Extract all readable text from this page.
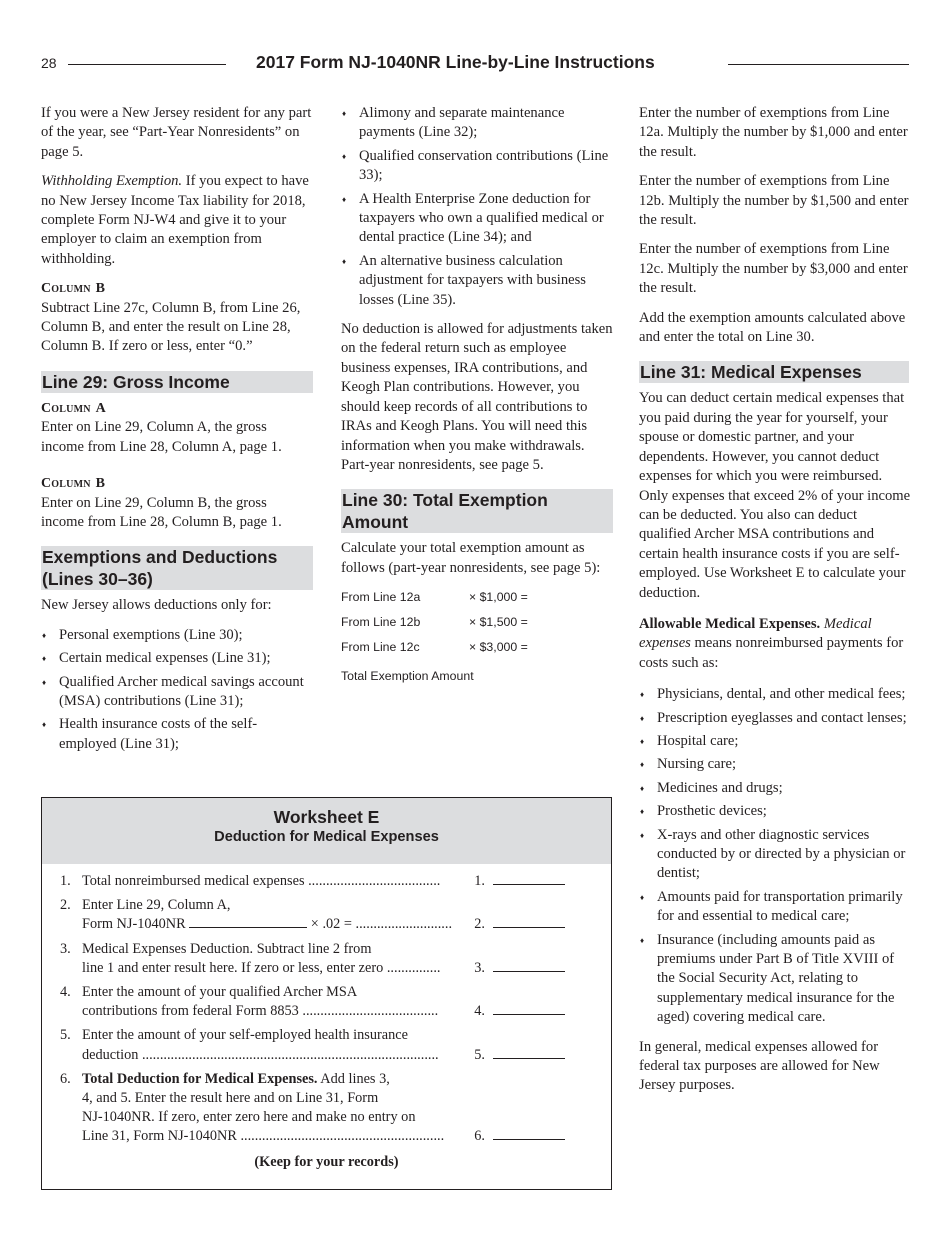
28	2017 Form NJ-1040NR Line-by-Line Instructions

If you were a New Jersey resident for any part of the year, see “Part-Year Nonresidents” on page 5.

Withholding Exemption. If you expect to have no New Jersey Income Tax liability for 2018, complete Form NJ-W4 and give it to your employer to claim an exemption from withholding.

Column B

Subtract Line 27c, Column B, from Line 26, Column B, and enter the result on Line 28, Column B. If zero or less, enter “0.”

Line 29: Gross Income
Column A

Enter on Line 29, Column A, the gross income from Line 28, Column A, page 1.

Column B

Enter on Line 29, Column B, the gross income from Line 28, Column B, page 1.

Exemptions and Deductions (Lines 30–36)

New Jersey allows deductions only for:

♦ Personal exemptions (Line 30);
♦ Certain medical expenses (Line 31);
♦ Qualified Archer medical savings account (MSA) contributions (Line 31);
♦ Health insurance costs of the self-employed (Line 31);
♦ Alimony and separate maintenance payments (Line 32);
♦ Qualified conservation contributions (Line 33);
♦ A Health Enterprise Zone deduction for taxpayers who own a qualified medical or dental practice (Line 34); and
♦ An alternative business calculation adjustment for taxpayers with business losses (Line 35).

No deduction is allowed for adjustments taken on the federal return such as employee business expenses, IRA contributions, and Keogh Plan contributions. However, you should keep records of all contributions to IRAs and Keogh Plans. You will need this information when you make withdrawals. Part-year nonresidents, see page 5.

Line 30: Total Exemption Amount

Calculate your total exemption amount as follows (part-year nonresidents, see page 5):

From Line 12a	× $1,000 =
From Line 12b	× $1,500 =
From Line 12c	× $3,000 =
Total Exemption Amount

Enter the number of exemptions from Line 12a. Multiply the number by $1,000 and enter the result.

Enter the number of exemptions from Line 12b. Multiply the number by $1,500 and enter the result.

Enter the number of exemptions from Line 12c. Multiply the number by $3,000 and enter the result.

Add the exemption amounts calculated above and enter the total on Line 30.

Line 31: Medical Expenses

You can deduct certain medical expenses that you paid during the year for yourself, your spouse or domestic partner, and your dependents. However, you cannot deduct expenses for which you were reimbursed. Only expenses that exceed 2% of your income can be deducted. You also can deduct qualified Archer MSA contributions and certain health insurance costs if you are self-employed. Use Worksheet E to calculate your deduction.

Allowable Medical Expenses. Medical expenses means nonreimbursed payments for costs such as:

♦ Physicians, dental, and other medical fees;
♦ Prescription eyeglasses and contact lenses;
♦ Hospital care;
♦ Nursing care;
♦ Medicines and drugs;
♦ Prosthetic devices;
♦ X-rays and other diagnostic services conducted by or directed by a physician or dentist;
♦ Amounts paid for transportation primarily for and essential to medical care;
♦ Insurance (including amounts paid as premiums under Part B of Title XVIII of the Social Security Act, relating to supplementary medical insurance for the aged) covering medical care.

In general, medical expenses allowed for federal tax purposes are allowed for New Jersey purposes.

Worksheet E
Deduction for Medical Expenses
1. Total nonreimbursed medical expenses .....................................	1.
2. Enter Line 29, Column A,
Form NJ-1040NR	× .02 = ...........................	2.
3. Medical Expenses Deduction. Subtract line 2 from
line 1 and enter result here. If zero or less, enter zero ...............	3.
4. Enter the amount of your qualified Archer MSA
contributions from federal Form 8853 ......................................	4.
5. Enter the amount of your self-employed health insurance
deduction ...................................................................................	5.
6. Total Deduction for Medical Expenses. Add lines 3,
4, and 5. Enter the result here and on Line 31, Form
NJ-1040NR. If zero, enter zero here and make no entry on
Line 31, Form NJ-1040NR .........................................................	6.
(Keep for your records)
